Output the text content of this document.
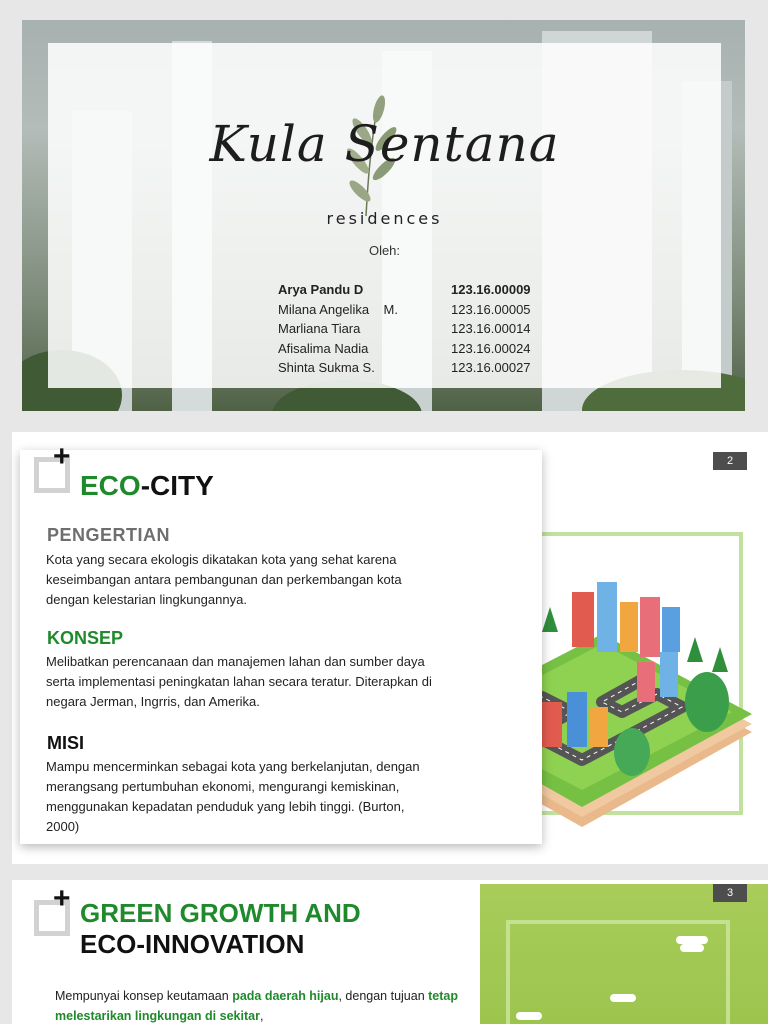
Kula Sentana
residences
Oleh:
Arya Pandu D	123.16.00009
Milana Angelika    M.	123.16.00005
Marliana Tiara	123.16.00014
Afisalima Nadia	123.16.00024
Shinta Sukma S.	123.16.00027
2
+
ECO-CITY
PENGERTIAN
Kota yang secara ekologis dikatakan kota yang sehat karena keseimbangan antara pembangunan dan perkembangan kota dengan kelestarian lingkungannya.
KONSEP
Melibatkan perencanaan dan manajemen lahan dan sumber daya serta implementasi peningkatan lahan secara teratur. Diterapkan di negara Jerman, Ingrris, dan Amerika.
MISI
Mampu mencerminkan sebagai kota yang berkelanjutan, dengan merangsang pertumbuhan ekonomi, mengurangi kemiskinan, menggunakan kepadatan penduduk yang lebih tinggi. (Burton, 2000)
3
+ GREEN GROWTH AND
ECO-INNOVATION
Mempunyai konsep keutamaan pada daerah hijau, dengan tujuan tetap melestarikan lingkungan di sekitar,
